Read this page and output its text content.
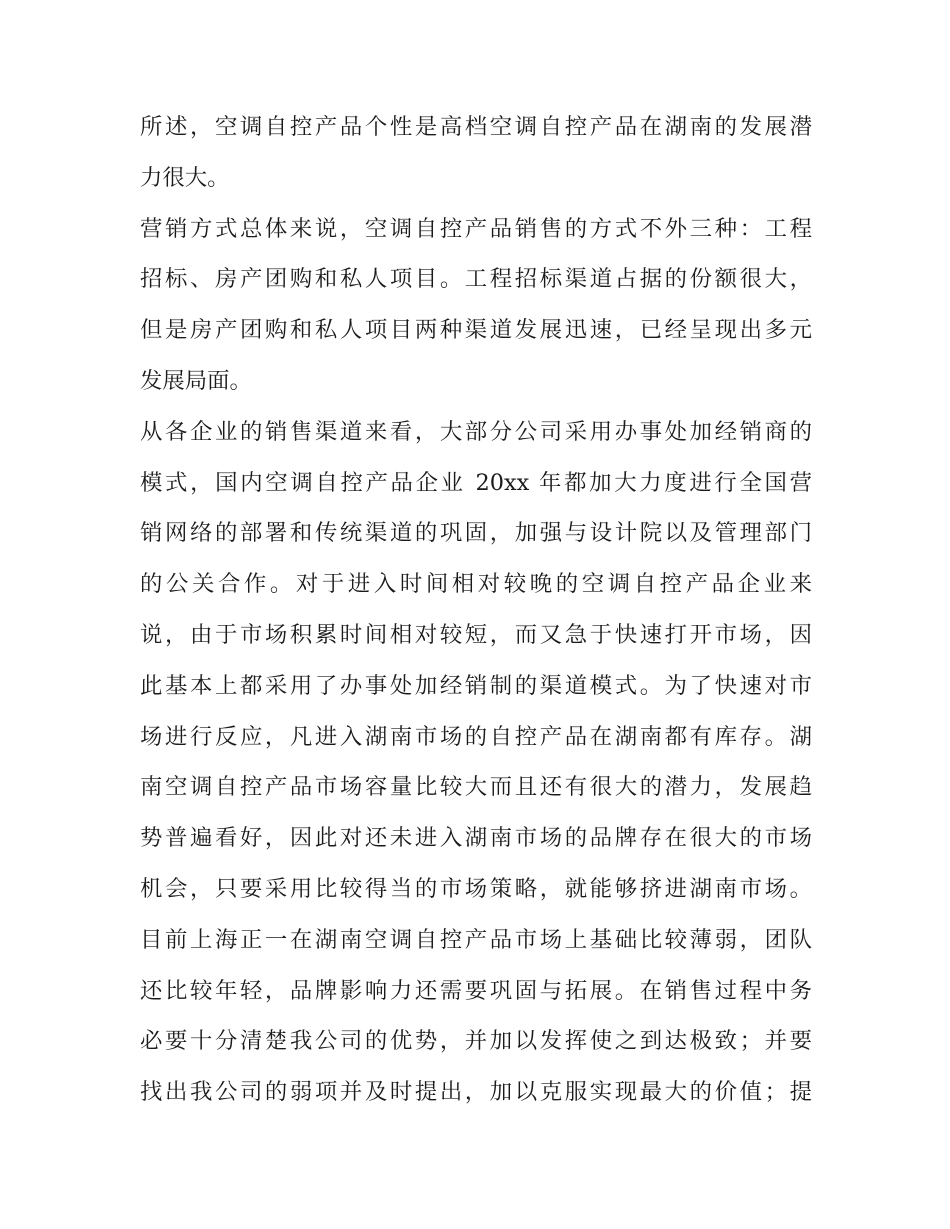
所述，空调自控产品个性是高档空调自控产品在湖南的发展潜
力很大。
营销方式总体来说，空调自控产品销售的方式不外三种：工程
招标、房产团购和私人项目。工程招标渠道占据的份额很大，
但是房产团购和私人项目两种渠道发展迅速，已经呈现出多元
发展局面。
从各企业的销售渠道来看，大部分公司采用办事处加经销商的
模式，国内空调自控产品企业 20xx 年都加大力度进行全国营
销网络的部署和传统渠道的巩固，加强与设计院以及管理部门
的公关合作。对于进入时间相对较晚的空调自控产品企业来
说，由于市场积累时间相对较短，而又急于快速打开市场，因
此基本上都采用了办事处加经销制的渠道模式。为了快速对市
场进行反应，凡进入湖南市场的自控产品在湖南都有库存。湖
南空调自控产品市场容量比较大而且还有很大的潜力，发展趋
势普遍看好，因此对还未进入湖南市场的品牌存在很大的市场
机会，只要采用比较得当的市场策略，就能够挤进湖南市场。
目前上海正一在湖南空调自控产品市场上基础比较薄弱，团队
还比较年轻，品牌影响力还需要巩固与拓展。在销售过程中务
必要十分清楚我公司的优势，并加以发挥使之到达极致；并要
找出我公司的弱项并及时提出，加以克服实现最大的价值；提
